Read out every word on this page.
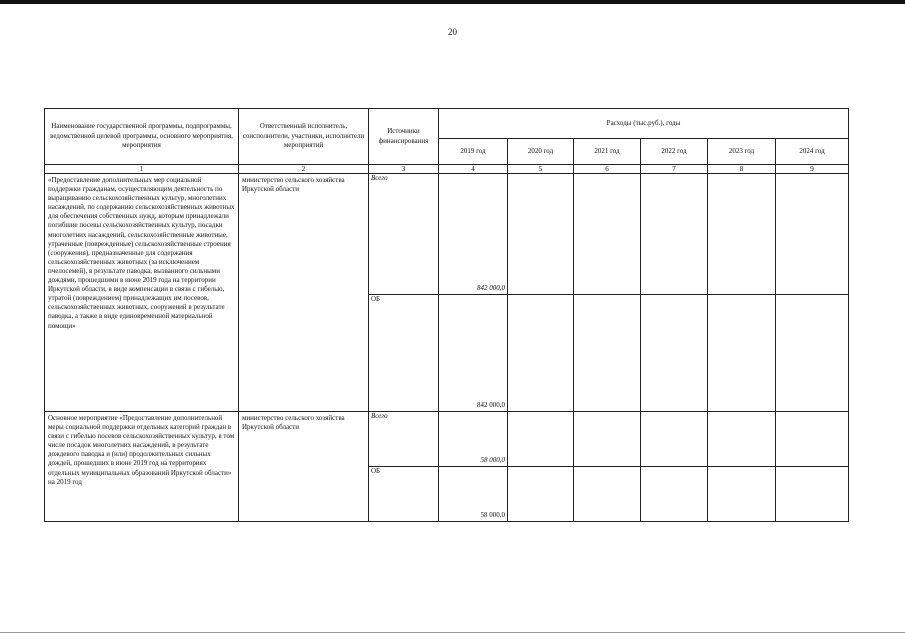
20
Наименование государственной программы, подпрограммы, ведомственной целевой программы, основного мероприятия, мероприятия	Ответственный исполнитель, соисполнители, участники, исполнители мероприятий	Источники финансирования	Расходы (тыс.руб.), годы					
			2019 год	2020 год	2021 год	2022 год	2023 год	2024 год
1	2	3	4	5	6	7	8	9
«Предоставление дополнительных мер социальной поддержки гражданам, осуществляющим деятельность по выращиванию сельскохозяйственных культур, многолетних насаждений, по содержанию сельскохозяйственных животных для обеспечения собственных нужд, которым принадлежали погибшие посевы сельскохозяйственных культур, посадки многолетних насаждений, сельскохозяйственные животные, утраченные (поврежденные) сельскохозяйственные строения (сооружения), предназначенные для содержания сельскохозяйственных животных (за исключением пчелосемей), в результате паводка, вызванного сильными дождями, прошедшими в июне 2019 года на территории Иркутской области, в виде компенсации в связи с гибелью, утратой (повреждением) принадлежащих им посевов, сельскохозяйственных животных, сооружений в результате паводка, а также в виде единовременной материальной помощи»	министерство сельского хозяйства Иркутской области	Всего	842 000,0					
		ОБ	842 000,0					
Основное мероприятие «Предоставление дополнительной меры социальной поддержки отдельных категорий граждан в связи с гибелью посевов сельскохозяйственных культур, в том числе посадок многолетних насаждений, в результате дождевого паводка и (или) продолжительных сильных дождей, прошедших в июне 2019 год на территориях отдельных муниципальных образований Иркутской области» на 2019 год	министерство сельского хозяйства Иркутской области	Всего	58 000,0					
		ОБ	58 000,0					
